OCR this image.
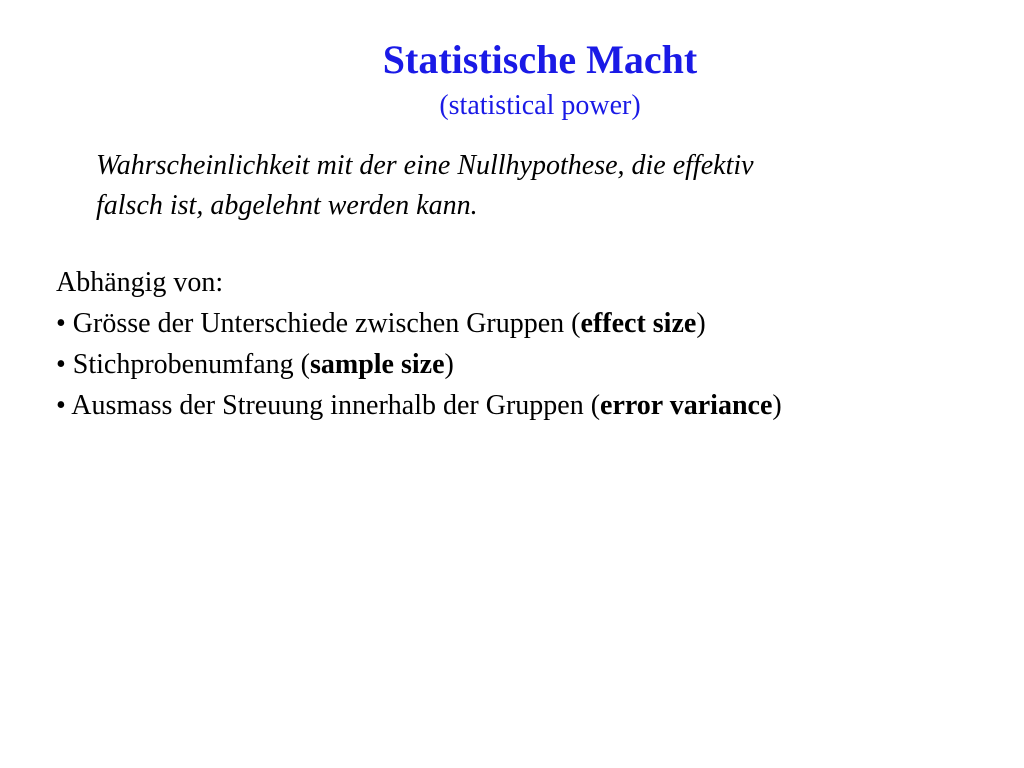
Statistische Macht
(statistical power)
Wahrscheinlichkeit mit der eine Nullhypothese, die effektiv
falsch ist, abgelehnt werden kann.
Abhängig von:
• Grösse der Unterschiede zwischen Gruppen (effect size)
• Stichprobenumfang (sample size)
• Ausmass der Streuung innerhalb der Gruppen (error variance)
